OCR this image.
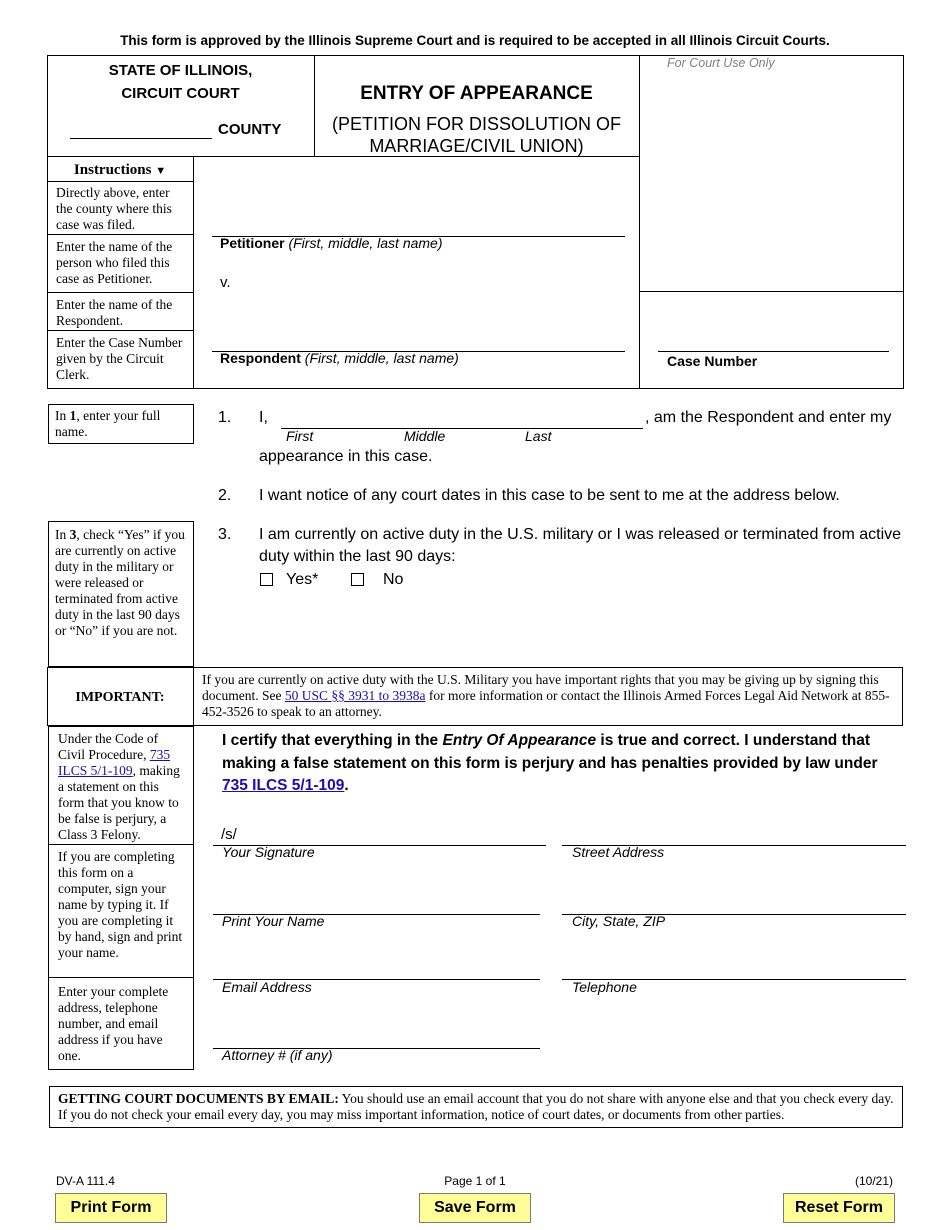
This form is approved by the Illinois Supreme Court and is required to be accepted in all Illinois Circuit Courts.
STATE OF ILLINOIS,
CIRCUIT COURT
COUNTY
ENTRY OF APPEARANCE
(PETITION FOR DISSOLUTION OF
MARRIAGE/CIVIL UNION)
For Court Use Only
Instructions ▼
Directly above, enter the county where this case was filed.
Enter the name of the person who filed this case as Petitioner.
Enter the name of the Respondent.
Enter the Case Number given by the Circuit Clerk.
Petitioner (First, middle, last name)
v.
Respondent (First, middle, last name)	Case Number
In 1, enter your full name.
1. I,	, am the Respondent and enter my
First	Middle	Last
appearance in this case.
2. I want notice of any court dates in this case to be sent to me at the address below.
In 3, check “Yes” if you are currently on active duty in the military or were released or terminated from active duty in the last 90 days or “No” if you are not.
3. I am currently on active duty in the U.S. military or I was released or terminated from active
duty within the last 90 days:
Yes*	No
IMPORTANT:
If you are currently on active duty with the U.S. Military you have important rights that you may be giving up by signing this document. See 50 USC §§ 3931 to 3938a for more information or contact the Illinois Armed Forces Legal Aid Network at 855-452-3526 to speak to an attorney.
Under the Code of Civil Procedure, 735 ILCS 5/1-109, making a statement on this form that you know to be false is perjury, a Class 3 Felony.
If you are completing this form on a computer, sign your name by typing it. If you are completing it by hand, sign and print your name.
Enter your complete address, telephone number, and email address if you have one.
I certify that everything in the Entry Of Appearance is true and correct. I understand that making a false statement on this form is perjury and has penalties provided by law under 735 ILCS 5/1-109.
/s/
Your Signature	Street Address
Print Your Name	City, State, ZIP
Email Address	Telephone
Attorney # (if any)
GETTING COURT DOCUMENTS BY EMAIL: You should use an email account that you do not share with anyone else and that you check every day. If you do not check your email every day, you may miss important information, notice of court dates, or documents from other parties.
DV-A 111.4	Page 1 of 1	(10/21)
Print Form	Save Form	Reset Form
